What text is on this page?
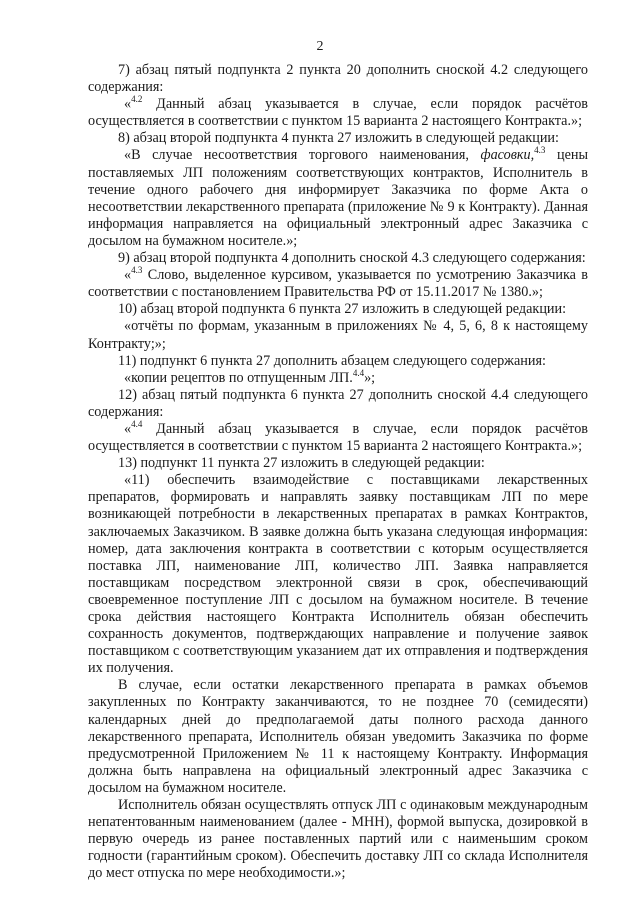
2

7) абзац пятый подпункта 2 пункта 20 дополнить сноской 4.2 следующего содержания:

«$^{4.2}$ Данный абзац указывается в случае, если порядок расчётов осуществляется в соответствии с пунктом 15 варианта 2 настоящего Контракта.»;

8) абзац второй подпункта 4 пункта 27 изложить в следующей редакции:

«В случае несоответствия торгового наименования, фасовки,$^{4.3}$ цены поставляемых ЛП положениям соответствующих контрактов, Исполнитель в течение одного рабочего дня информирует Заказчика по форме Акта о несоответствии лекарственного препарата (приложение № 9 к Контракту). Данная информация направляется на официальный электронный адрес Заказчика с досылом на бумажном носителе.»;

9) абзац второй подпункта 4 дополнить сноской 4.3 следующего содержания:

«$^{4.3}$ Слово, выделенное курсивом, указывается по усмотрению Заказчика в соответствии с постановлением Правительства РФ от 15.11.2017 № 1380.»;

10) абзац второй подпункта 6 пункта 27 изложить в следующей редакции:

«отчёты по формам, указанным в приложениях № 4, 5, 6, 8 к настоящему Контракту;»;

11) подпункт 6 пункта 27 дополнить абзацем следующего содержания:

«копии рецептов по отпущенным ЛП.$^{4.4}$»;

12) абзац пятый подпункта 6 пункта 27 дополнить сноской 4.4 следующего содержания:

«$^{4.4}$ Данный абзац указывается в случае, если порядок расчётов осуществляется в соответствии с пунктом 15 варианта 2 настоящего Контракта.»;

13) подпункт 11 пункта 27 изложить в следующей редакции:

«11) обеспечить взаимодействие с поставщиками лекарственных препаратов, формировать и направлять заявку поставщикам ЛП по мере возникающей потребности в лекарственных препаратах в рамках Контрактов, заключаемых Заказчиком. В заявке должна быть указана следующая информация: номер, дата заключения контракта в соответствии с которым осуществляется поставка ЛП, наименование ЛП, количество ЛП. Заявка направляется поставщикам посредством электронной связи в срок, обеспечивающий своевременное поступление ЛП с досылом на бумажном носителе. В течение срока действия настоящего Контракта Исполнитель обязан обеспечить сохранность документов, подтверждающих направление и получение заявок поставщиком с соответствующим указанием дат их отправления и подтверждения их получения.

В случае, если остатки лекарственного препарата в рамках объемов закупленных по Контракту заканчиваются, то не позднее 70 (семидесяти) календарных дней до предполагаемой даты полного расхода данного лекарственного препарата, Исполнитель обязан уведомить Заказчика по форме предусмотренной Приложением № 11 к настоящему Контракту. Информация должна быть направлена на официальный электронный адрес Заказчика с досылом на бумажном носителе.

Исполнитель обязан осуществлять отпуск ЛП с одинаковым международным непатентованным наименованием (далее - МНН), формой выпуска, дозировкой в первую очередь из ранее поставленных партий или с наименьшим сроком годности (гарантийным сроком). Обеспечить доставку ЛП со склада Исполнителя до мест отпуска по мере необходимости.»;
